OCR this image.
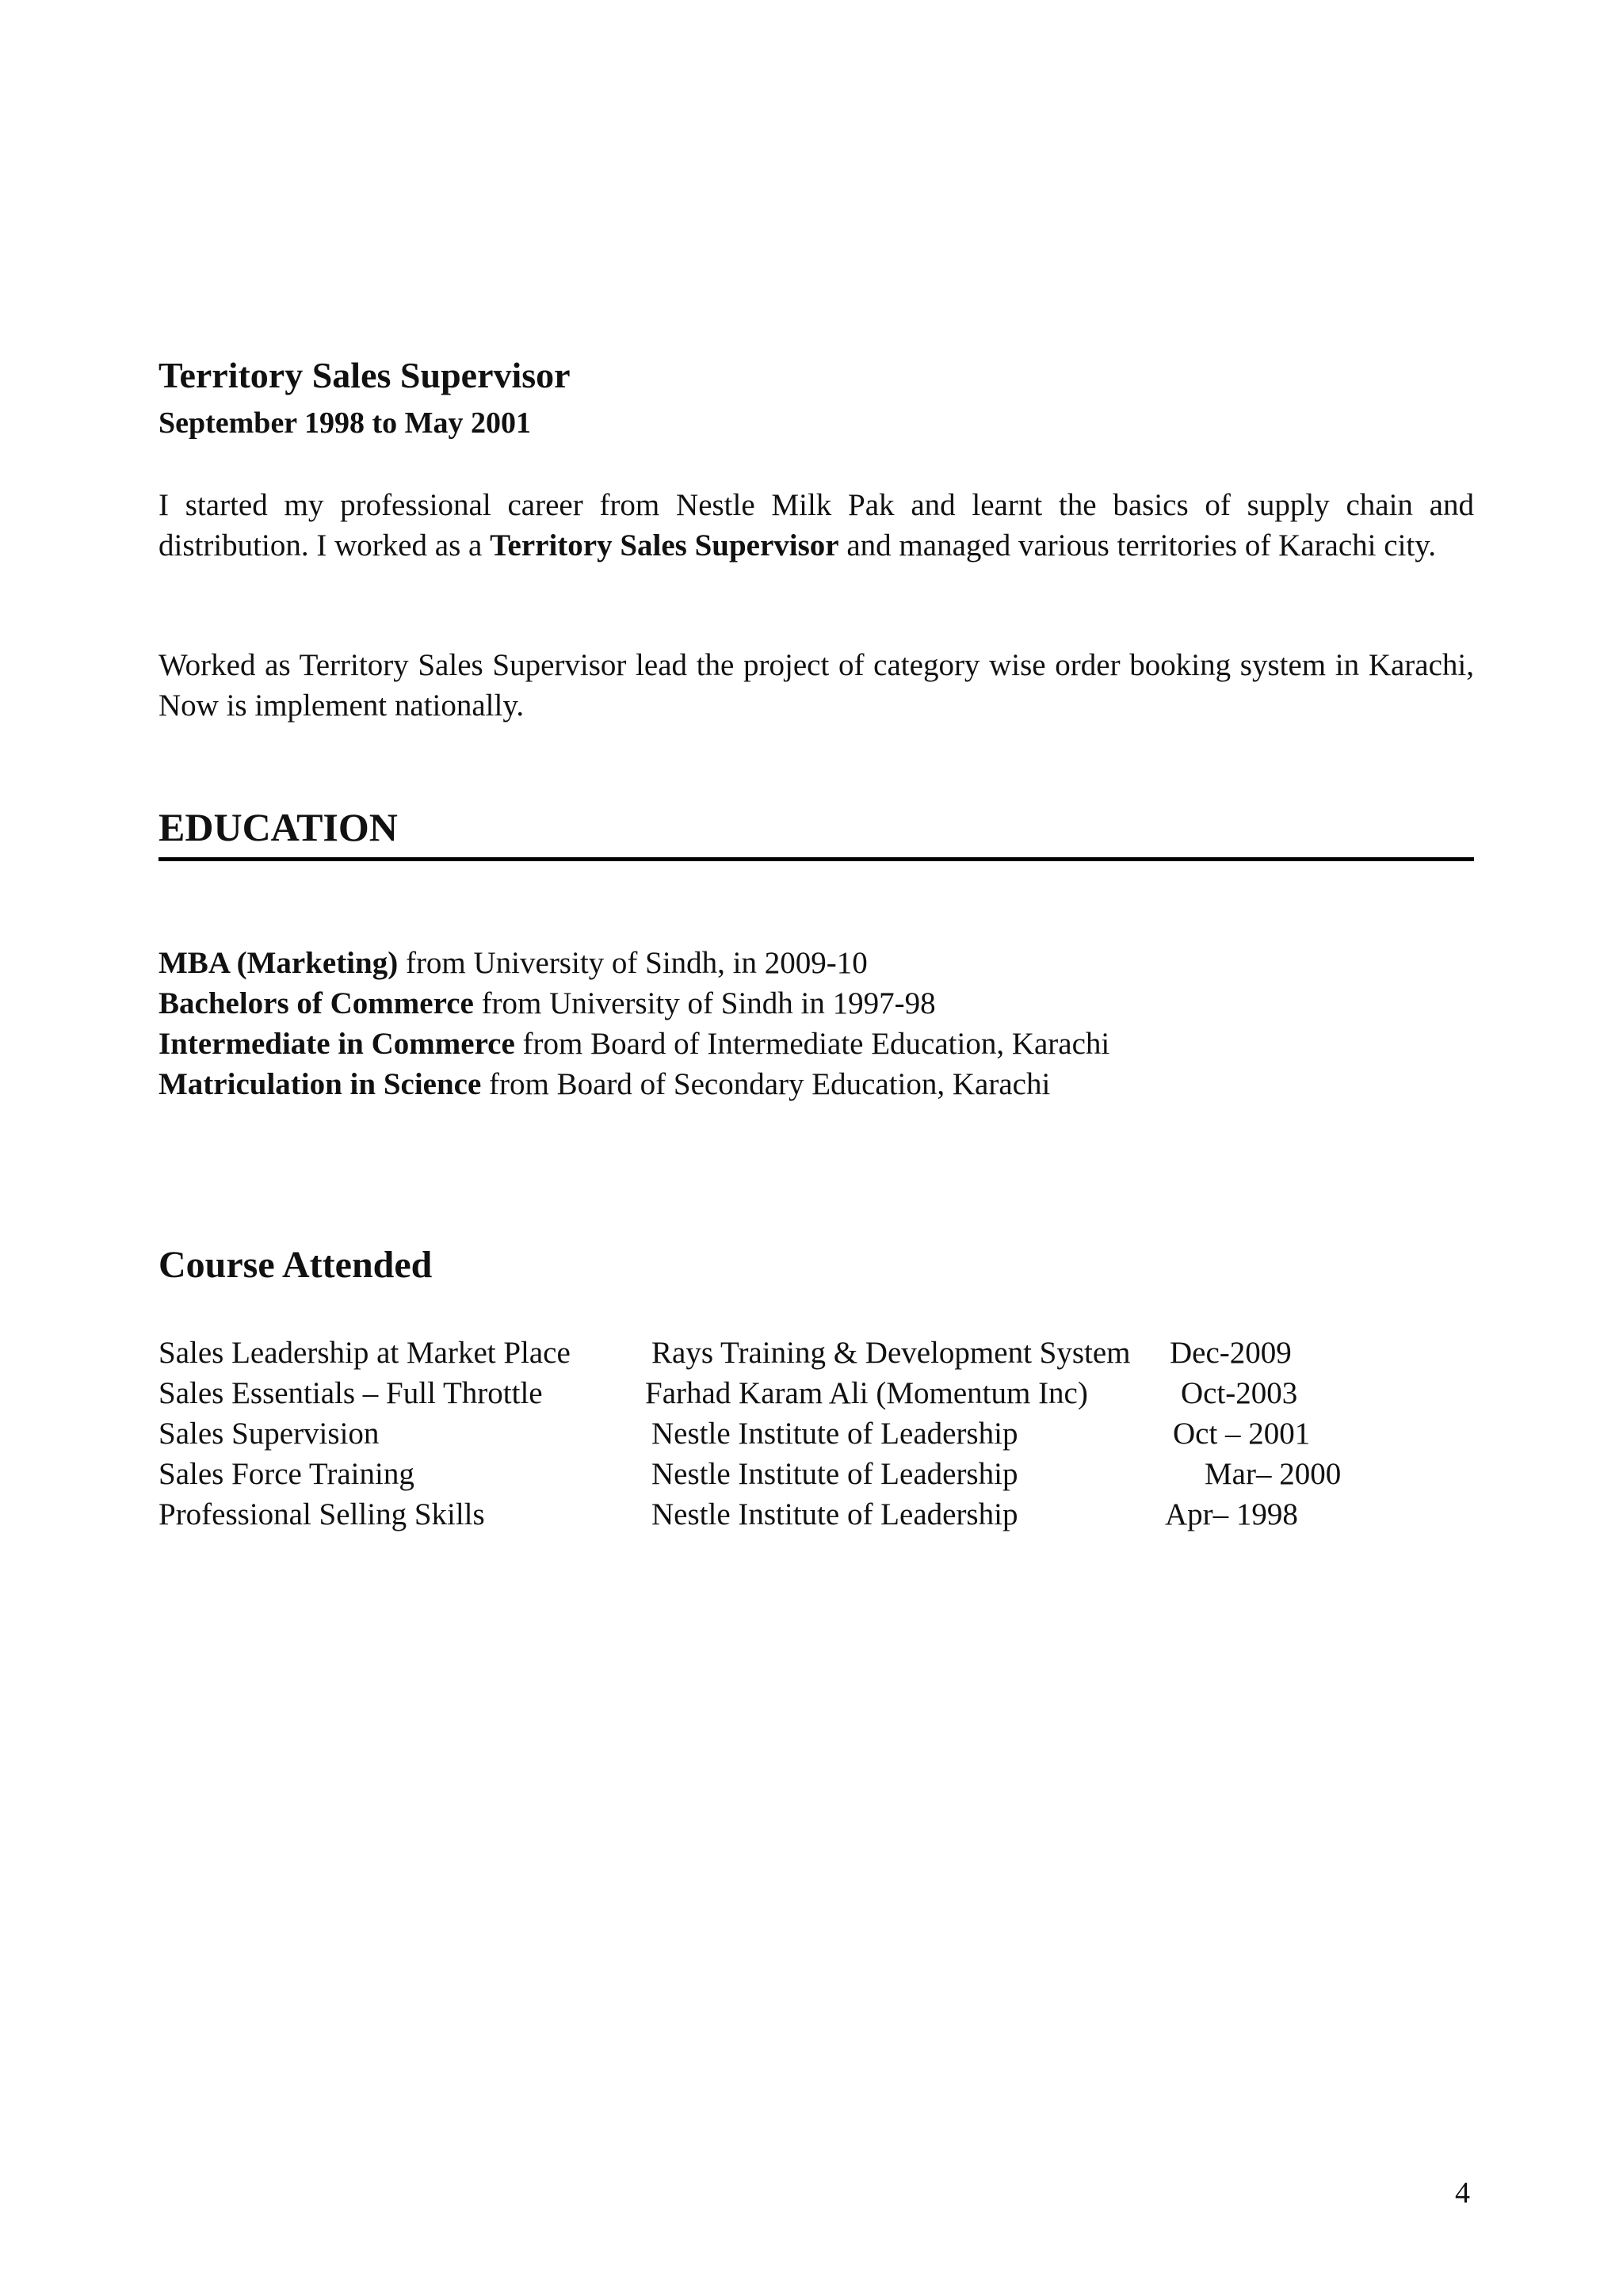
Territory Sales Supervisor
September 1998 to May 2001
I started my professional career from Nestle Milk Pak and learnt the basics of supply chain and distribution. I worked as a Territory Sales Supervisor and managed various territories of Karachi city.
Worked as Territory Sales Supervisor lead the project of category wise order booking system in Karachi, Now is implement nationally.
EDUCATION
MBA (Marketing) from University of Sindh, in 2009-10
Bachelors of Commerce from University of Sindh in 1997-98
Intermediate in Commerce from Board of Intermediate Education, Karachi
Matriculation in Science from Board of Secondary Education, Karachi
Course Attended
Sales Leadership at Market Place	Rays Training & Development System Dec-2009
Sales Essentials – Full Throttle	Farhad Karam Ali (Momentum Inc)	Oct-2003
Sales Supervision	Nestle Institute of Leadership	Oct – 2001
Sales Force Training	Nestle Institute of Leadership	Mar– 2000
Professional Selling Skills	Nestle Institute of Leadership	Apr– 1998
4
